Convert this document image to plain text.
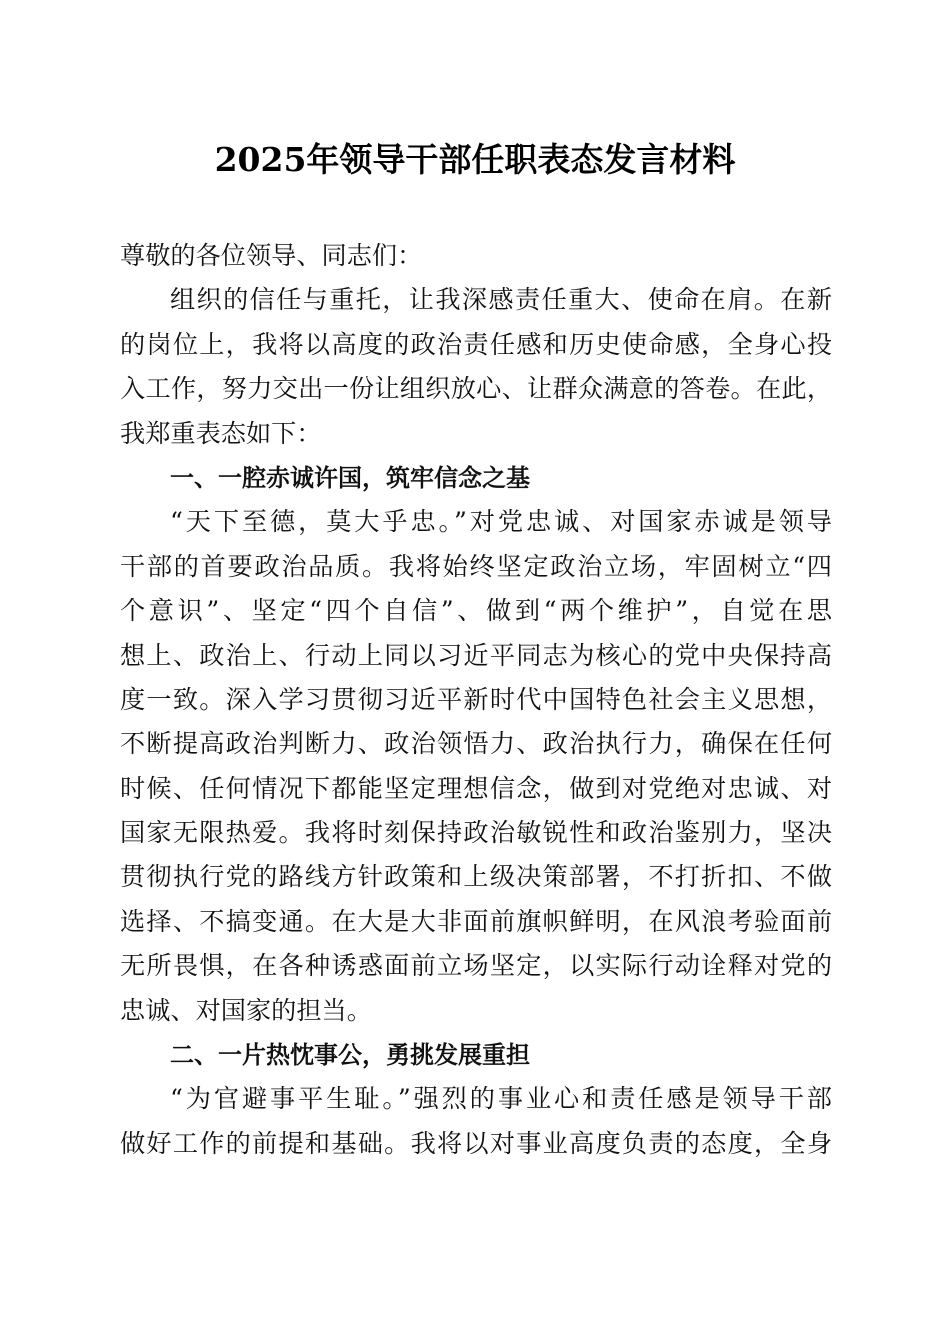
2025年领导干部任职表态发言材料
尊敬的各位领导、同志们：
组织的信任与重托，让我深感责任重大、使命在肩。在新
的岗位上，我将以高度的政治责任感和历史使命感，全身心投
入工作，努力交出一份让组织放心、让群众满意的答卷。在此，
我郑重表态如下：
一、一腔赤诚许国，筑牢信念之基
“天下至德，莫大乎忠。”对党忠诚、对国家赤诚是领导
干部的首要政治品质。我将始终坚定政治立场，牢固树立“四
个意识”、坚定“四个自信”、做到“两个维护”，自觉在思
想上、政治上、行动上同以习近平同志为核心的党中央保持高
度一致。深入学习贯彻习近平新时代中国特色社会主义思想，
不断提高政治判断力、政治领悟力、政治执行力，确保在任何
时候、任何情况下都能坚定理想信念，做到对党绝对忠诚、对
国家无限热爱。我将时刻保持政治敏锐性和政治鉴别力，坚决
贯彻执行党的路线方针政策和上级决策部署，不打折扣、不做
选择、不搞变通。在大是大非面前旗帜鲜明，在风浪考验面前
无所畏惧，在各种诱惑面前立场坚定，以实际行动诠释对党的
忠诚、对国家的担当。
二、一片热忱事公，勇挑发展重担
“为官避事平生耻。”强烈的事业心和责任感是领导干部
做好工作的前提和基础。我将以对事业高度负责的态度，全身
